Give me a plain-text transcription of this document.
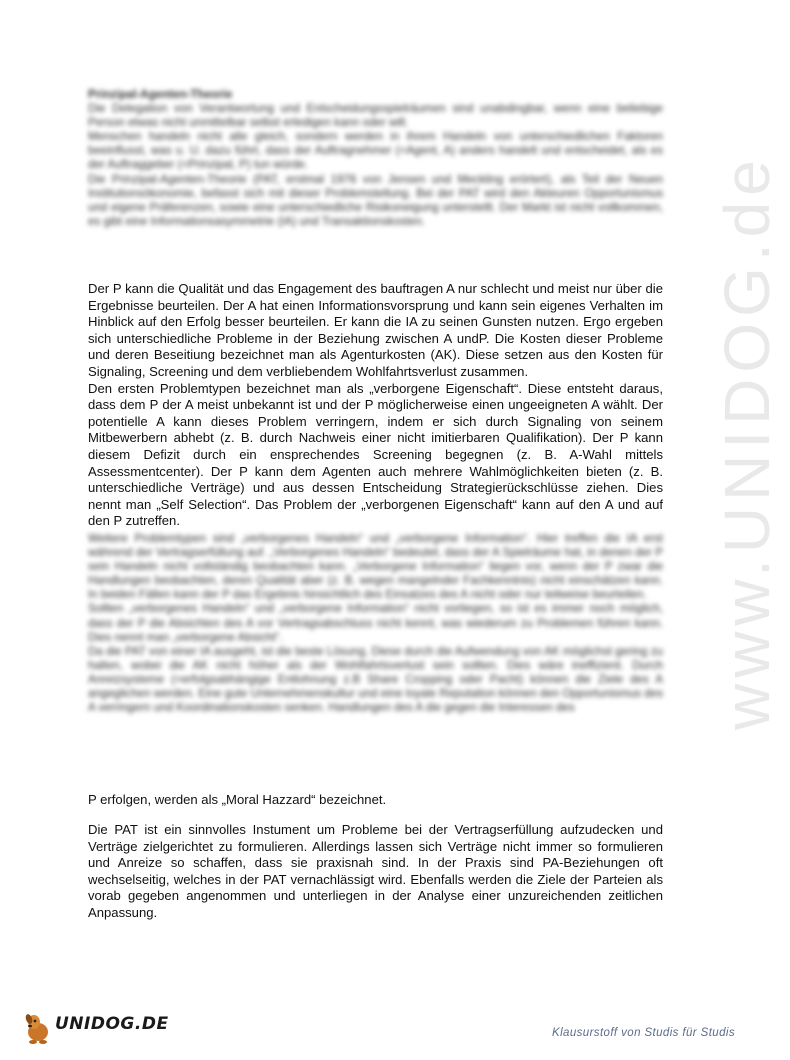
www.UNIDOG.de

Prinzipal-Agenten-Theorie

Die Delegation von Verantwortung und Entscheidungsspielräumen sind unabdingbar, wenn eine beliebige Person etwas nicht unmittelbar selbst erledigen kann oder will.

Menschen handeln nicht alle gleich, sondern werden in ihrem Handeln von unterschiedlichen Faktoren beeinflusst, was u. U. dazu führt, dass der Auftragnehmer (=Agent, A) anders handelt und entscheidet, als es der Auftraggeber (=Prinzipal, P) tun würde.

Die Prinzipal-Agenten-Theorie (PAT, erstmal 1976 von Jensen und Meckling erörtert), als Teil der Neuen Institutionsökonomie, befasst sich mit dieser Problemstellung. Bei der PAT wird den Akteuren Opportunismus und eigene Präferenzen, sowie eine unterschiedliche Risikoneigung unterstellt. Der Markt ist nicht vollkommen, es gibt eine Informationsasymmetrie (IA) und Transaktionskosten.

Der P kann die Qualität und das Engagement des bauftragen A nur schlecht und meist nur über die Ergebnisse beurteilen. Der A hat einen Informationsvorsprung und kann sein eigenes Verhalten im Hinblick auf den Erfolg besser beurteilen. Er kann die IA zu seinen Gunsten nutzen. Ergo ergeben sich unterschiedliche Probleme in der Beziehung zwischen A undP. Die Kosten dieser Probleme und deren Beseitiung bezeichnet man als Agenturkosten (AK). Diese setzen aus den Kosten für Signaling, Screening und dem verbliebendem Wohlfahrtsverlust zusammen.

Den ersten Problemtypen bezeichnet man als „verborgene Eigenschaft“. Diese entsteht daraus, dass dem P der A meist unbekannt ist und der P möglicherweise einen ungeeigneten A wählt. Der potentielle A kann dieses Problem verringern, indem er sich durch Signaling von seinem Mitbewerbern abhebt (z. B. durch Nachweis einer nicht imitierbaren Qualifikation). Der P kann diesem Defizit durch ein ensprechendes Screening begegnen (z. B. A-Wahl mittels Assessmentcenter). Der P kann dem Agenten auch mehrere Wahlmöglichkeiten bieten (z. B. unterschiedliche Verträge) und aus dessen Entscheidung Strategierückschlüsse ziehen. Dies nennt man „Self Selection“. Das Problem der „verborgenen Eigenschaft“ kann auf den A und auf den P zutreffen.

Weitere Problemtypen sind „verborgenes Handeln“ und „verborgene Information“. Hier treffen die IA erst während der Vertragserfüllung auf. „Verborgenes Handeln“ bedeutet, dass der A Spielräume hat, in denen der P sein Handeln nicht vollständig beobachten kann. „Verborgene Information“ liegen vor, wenn der P zwar die Handlungen beobachten, deren Qualität aber (z. B. wegen mangelnder Fachkenntnis) nicht einschätzen kann. In beiden Fällen kann der P das Ergebnis hinsichtlich des Einsatzes des A nicht oder nur teilweise beurteilen.

Sollten „verborgenes Handeln“ und „verborgene Information“ nicht vorliegen, so ist es immer noch möglich, dass der P die Absichten des A vor Vertragsabschluss nicht kennt, was wiederum zu Problemen führen kann. Dies nennt man „verborgene Absicht“.

Da die PAT von einer IA ausgeht, ist die beste Lösung, Diese durch die Aufwendung von AK möglichst gering zu halten, wobei die AK nicht höher als der Wohlfahrtsverlust sein sollten. Dies wäre ineffizient. Durch Anreizsysteme (=erfolgsabhängige Entlohnung z.B Share Cropping oder Pacht) können die Ziele des A angeglichen werden. Eine gute Unternehmenskultur und eine loyale Reputation können den Opportunismus des A verringern und Koordinationskosten senken. Handlungen des A die gegen die Interessen des

P erfolgen, werden als „Moral Hazzard“ bezeichnet.

Die PAT ist ein sinnvolles Instument um Probleme bei der Vertragserfüllung aufzudecken und Verträge zielgerichtet zu formulieren. Allerdings lassen sich Verträge nicht immer so formulieren und Anreize so schaffen, dass sie praxisnah sind. In der Praxis sind PA-Beziehungen oft wechselseitig, welches in der PAT vernachlässigt wird. Ebenfalls werden die Ziele der Parteien als vorab gegeben angenommen und unterliegen in der Analyse einer unzureichenden zeitlichen Anpassung.

UNIDOG.DE	Klausurstoff von Studis für Studis
